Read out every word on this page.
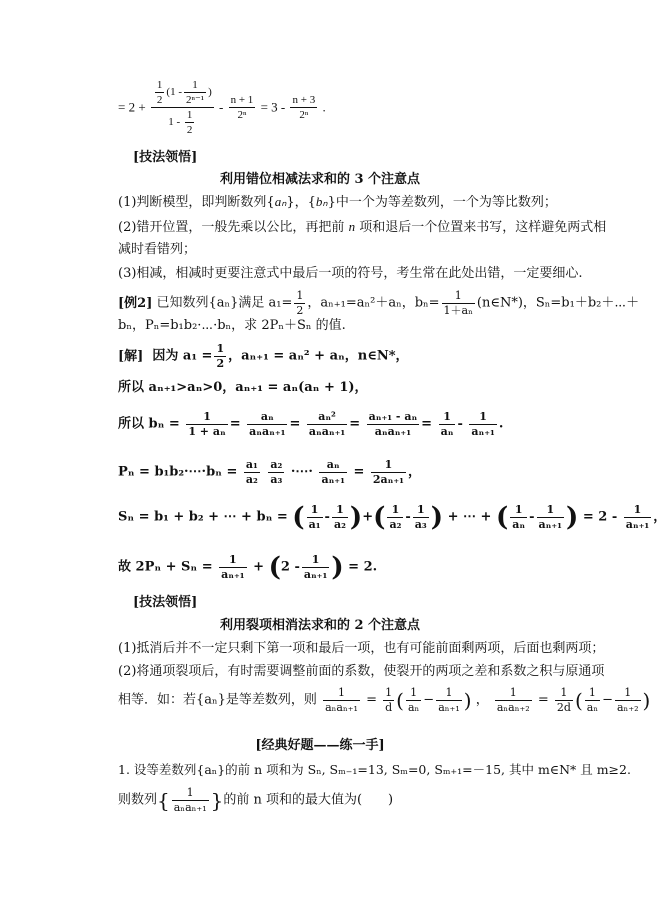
= $2 + \frac{\frac{1}{2} (1 - \frac{1}{\text{2ⁿ⁻¹}} )}{1 - \frac{1}{2}} - \frac{n + 1}{\text{2ⁿ}} = 3 - \frac{n + 3}{\text{2ⁿ}}$ .
[技法领悟]
利用错位相减法求和的 3 个注意点
(1)判断模型，即判断数列{aₙ}，{bₙ}中一个为等差数列，一个为等比数列；
(2)错开位置，一般先乘以公比，再把前 n 项和退后一个位置来书写，这样避免两式相
减时看错列；
(3)相减，相减时更要注意式中最后一项的符号，考生常在此处出错，一定要细心.
[例2] 已知数列{aₙ}满足 $a_1= \frac{1}{2}$ ，aₙ₊₁=aₙ²＋aₙ，$b_n= \frac{1}{\text{1＋aₙ}}$ (n∈N*)，Sₙ=b₁＋b₂＋⋯＋
bₙ，Pₙ=b₁b₂·⋯·bₙ，求 2Pₙ＋Sₙ 的值.
[解] 因为 $a_1 = \frac{1}{2}$ ，aₙ₊₁ = aₙ² + aₙ，n∈N*，
所以 aₙ₊₁>aₙ>0，aₙ₊₁ = aₙ(aₙ + 1)，
所以 $b_n = \frac{1}{\text{1 + aₙ}} = \frac{\text{aₙ}}{\text{aₙaₙ₊₁}} = \frac{\text{aₙ²}}{\text{aₙaₙ₊₁}} = \frac{\text{aₙ₊₁ - aₙ}}{\text{aₙaₙ₊₁}} = \frac{1}{\text{aₙ}} - \frac{1}{\text{aₙ₊₁}}$ .
Pₙ = b₁b₂·⋯·bₙ = $\frac{\text{a₁}}{\text{a₂}}$
$\frac{\text{a₂}}{\text{a₃}}$ ·⋯· $\frac{\text{aₙ}}{\text{aₙ₊₁}} = \frac{1}{\text{2aₙ₊₁}}$ ，
Sₙ = b₁ + b₂ + ⋯ + bₙ = ( $\frac{1}{\text{a₁}} - \frac{1}{\text{a₂}}$ )+( $\frac{1}{\text{a₂}} - \frac{1}{\text{a₃}}$ ) + ⋯ + ( $\frac{1}{\text{aₙ}} - \frac{1}{\text{aₙ₊₁}}$ ) = $2 - \frac{1}{\text{aₙ₊₁}}$ ，
故 $2P_n + S_n = \frac{1}{\text{aₙ₊₁}} + (2 - \frac{1}{\text{aₙ₊₁}}$ ) = 2.
[技法领悟]
利用裂项相消法求和的 2 个注意点
(1)抵消后并不一定只剩下第一项和最后一项，也有可能前面剩两项，后面也剩两项；
(2)将通项裂项后，有时需要调整前面的系数，使裂开的两项之差和系数之积与原通项
相等．如：若{aₙ}是等差数列，则 $\frac{1}{\text{aₙaₙ₊₁}} = \frac{1}{d}$ ( $\frac{1}{\text{aₙ}} - \frac{1}{\text{aₙ₊₁}}$ ) ， $\frac{1}{\text{aₙaₙ₊₂}} = \frac{1}{2d}$ ( $\frac{1}{\text{aₙ}} - \frac{1}{\text{aₙ₊₂}}$ )
[经典好题——练一手]
1. 设等差数列{aₙ}的前 n 项和为 Sₙ, Sₘ₋₁=13, Sₘ=0, Sₘ₊₁=－15, 其中 m∈N* 且 m≥2.
则数列{ $\frac{1}{\text{aₙaₙ₊₁}}$ }的前 n 项和的最大值为(　　)
